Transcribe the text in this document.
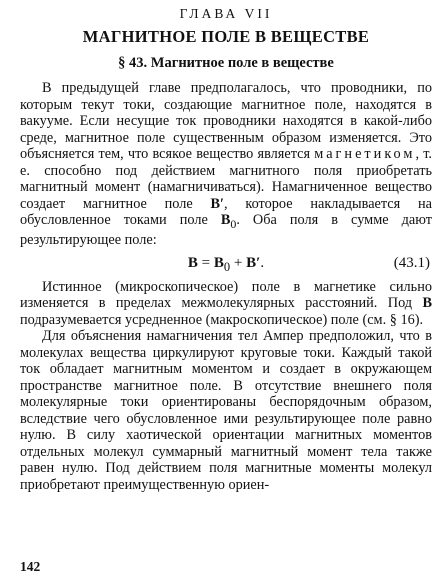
ГЛАВА VII
МАГНИТНОЕ ПОЛЕ В ВЕЩЕСТВЕ
§ 43. Магнитное поле в веществе

В предыдущей главе предполагалось, что проводники, по которым текут токи, создающие магнитное поле, находятся в вакууме. Если несущие ток проводники находятся в какой-либо среде, магнитное поле существенным образом изменяется. Это объясняется тем, что всякое вещество является магнетиком, т. е. способно под действием магнитного поля приобретать магнитный момент (намагничиваться). Намагниченное вещество создает магнитное поле B′, которое накладывается на обусловленное токами поле $B_0$. Оба поля в сумме дают результирующее поле:

$B = B_0 + B'$.	(43.1)

Истинное (микроскопическое) поле в магнетике сильно изменяется в пределах межмолекулярных расстояний. Под B подразумевается усредненное (макроскопическое) поле (см. § 16).

Для объяснения намагничения тел Ампер предположил, что в молекулах вещества циркулируют круговые токи. Каждый такой ток обладает магнитным моментом и создает в окружающем пространстве магнитное поле. В отсутствие внешнего поля молекулярные токи ориентированы беспорядочным образом, вследствие чего обусловленное ими результирующее поле равно нулю. В силу хаотической ориентации магнитных моментов отдельных молекул суммарный магнитный момент тела также равен нулю. Под действием поля магнитные моменты молекул приобретают преимущественную ориен-

142
